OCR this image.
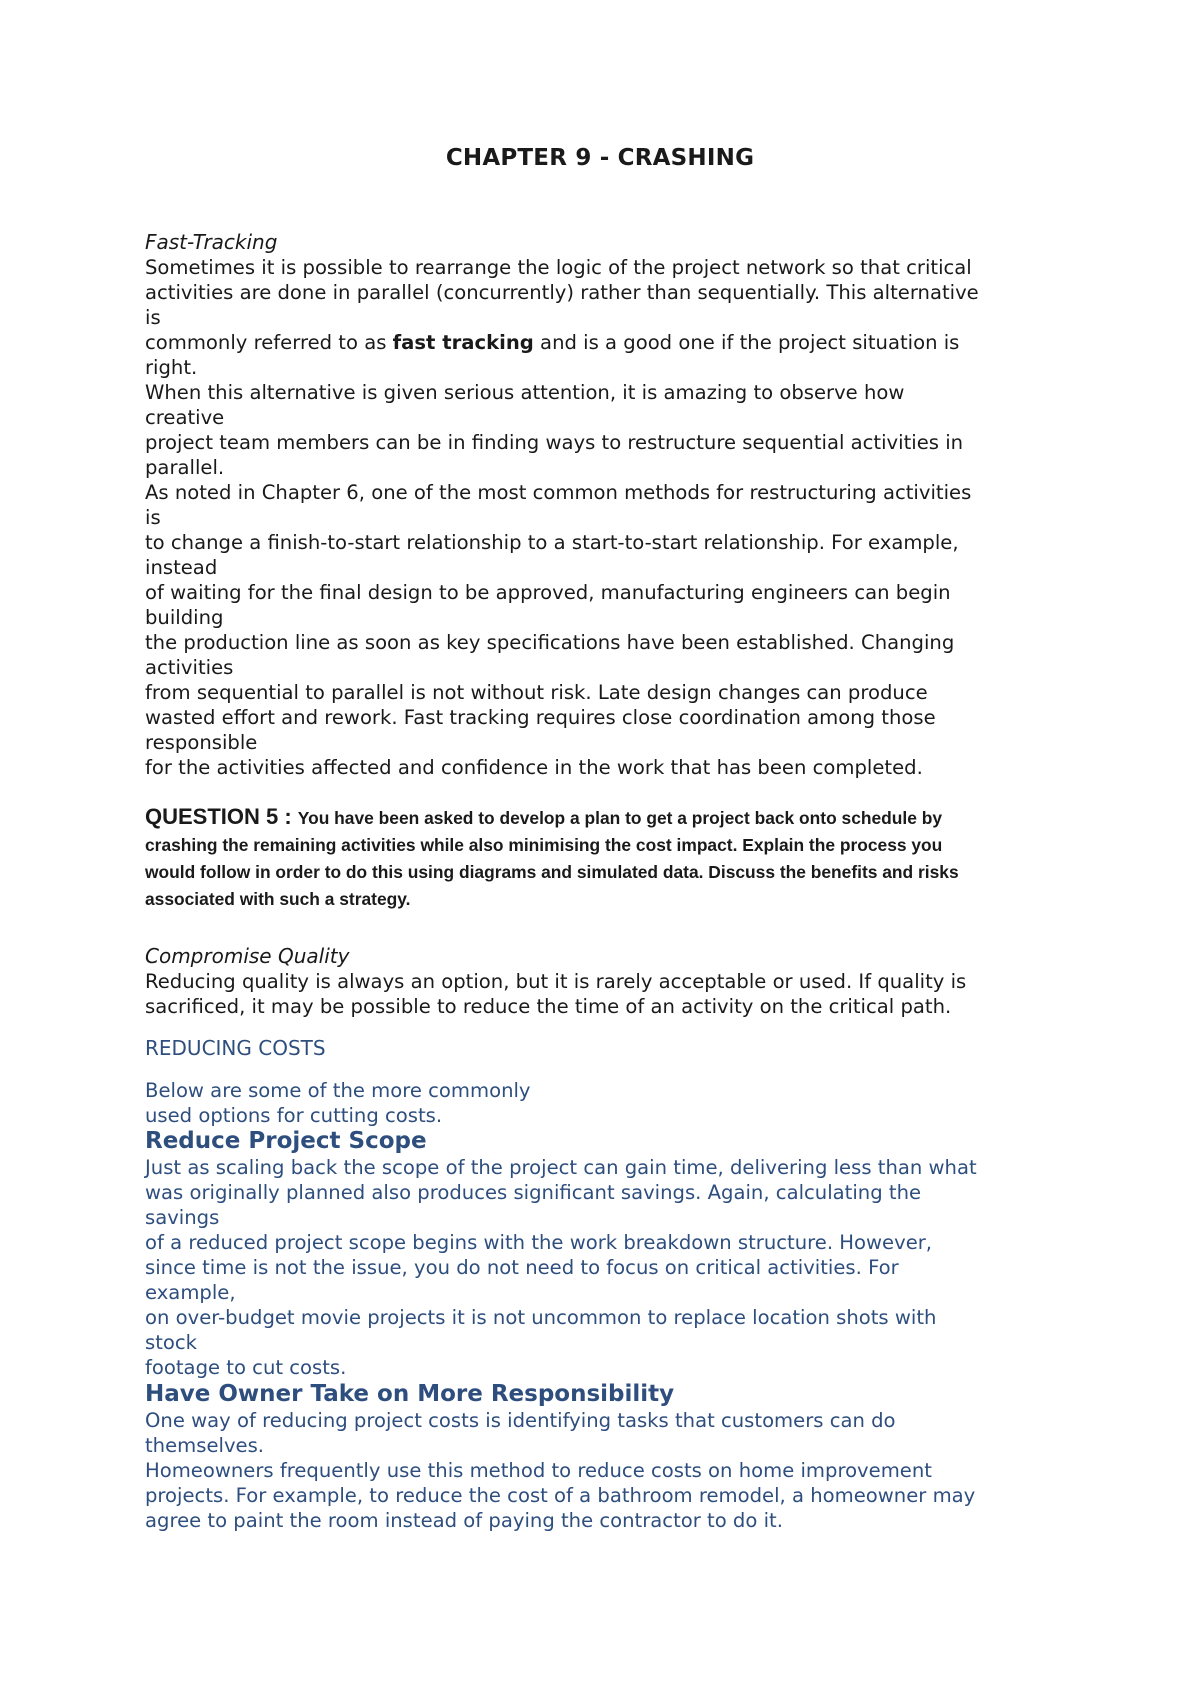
CHAPTER 9 - CRASHING
Fast-Tracking
Sometimes it is possible to rearrange the logic of the project network so that critical
activities are done in parallel (concurrently) rather than sequentially. This alternative
is
commonly referred to as fast tracking and is a good one if the project situation is
right.
When this alternative is given serious attention, it is amazing to observe how
creative
project team members can be in finding ways to restructure sequential activities in
parallel.
As noted in Chapter 6, one of the most common methods for restructuring activities
is
to change a finish-to-start relationship to a start-to-start relationship. For example,
instead
of waiting for the final design to be approved, manufacturing engineers can begin
building
the production line as soon as key specifications have been established. Changing
activities
from sequential to parallel is not without risk. Late design changes can produce
wasted effort and rework. Fast tracking requires close coordination among those
responsible
for the activities affected and confidence in the work that has been completed.
QUESTION 5 : You have been asked to develop a plan to get a project back onto schedule by
crashing the remaining activities while also minimising the cost impact. Explain the process you
would follow in order to do this using diagrams and simulated data. Discuss the benefits and risks
associated with such a strategy.
Compromise Quality
Reducing quality is always an option, but it is rarely acceptable or used. If quality is
sacrificed, it may be possible to reduce the time of an activity on the critical path.
REDUCING COSTS
Below are some of the more commonly
used options for cutting costs.
Reduce Project Scope
Just as scaling back the scope of the project can gain time, delivering less than what
was originally planned also produces significant savings. Again, calculating the
savings
of a reduced project scope begins with the work breakdown structure. However,
since time is not the issue, you do not need to focus on critical activities. For
example,
on over-budget movie projects it is not uncommon to replace location shots with
stock
footage to cut costs.
Have Owner Take on More Responsibility
One way of reducing project costs is identifying tasks that customers can do
themselves.
Homeowners frequently use this method to reduce costs on home improvement
projects. For example, to reduce the cost of a bathroom remodel, a homeowner may
agree to paint the room instead of paying the contractor to do it.
